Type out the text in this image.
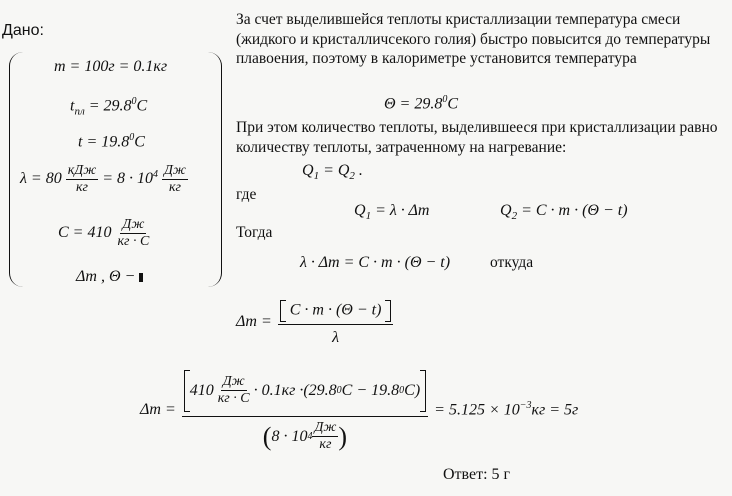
Дано:
m = 100г = 0.1кг
$t_{пл} = 29.8^0C$
$t = 19.8^0C$
$\lambda = 80 \frac{\text{кДж}}{кг} = 8 \cdot 10^4 \frac{Дж}{кг}$
$C = 410 \frac{Дж}{кг \cdot C}$
Δm , Θ −
За счет выделившейся теплоты кристаллизации температура смеси (жидкого и кристалличсекого голия) быстро повысится до температуры плавоения, поэтому в калориметре установится температура
$\Theta = 29.8^0C$
При этом количество теплоты, выделившееся при кристаллизации равно количеству теплоты, затраченному на нагревание:
$Q_1 = Q_2$ .
где
$Q_1 = \lambda \cdot \Delta m$	$Q_2 = C \cdot m \cdot (\Theta - t)$
Тогда
λ · Δm = C · m · (Θ − t)	откуда
$\Delta m = \frac{C \cdot m \cdot (\Theta - t)}{\lambda}$
Δm =
$410 \frac{Дж}{кг \cdot C} \cdot 0.1кг \cdot (29.8$ 0 C − 19.8 0 C)
( 8 · 10 $4 \frac{Дж}{кг}$ )
= $5.125 \times 10^{-3}кг = 5г$
Ответ: 5 г
